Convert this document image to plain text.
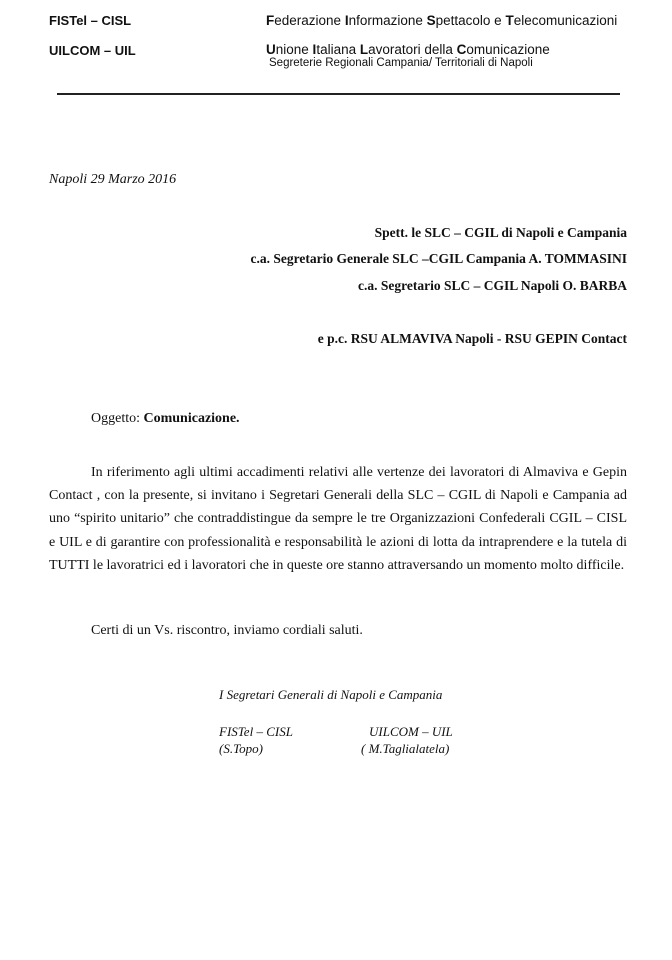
FISTel – CISL
UILCOM – UIL
Federazione Informazione Spettacolo e Telecomunicazioni
Unione Italiana Lavoratori della Comunicazione
Segreterie Regionali Campania/ Territoriali di Napoli
Napoli 29 Marzo 2016
Spett. le SLC – CGIL di Napoli e Campania
c.a. Segretario Generale SLC –CGIL Campania A. TOMMASINI
c.a. Segretario SLC – CGIL Napoli O. BARBA
e p.c. RSU ALMAVIVA Napoli - RSU GEPIN Contact
Oggetto: Comunicazione.
In riferimento agli ultimi accadimenti relativi alle vertenze dei lavoratori di Almaviva e Gepin Contact , con la presente, si invitano i Segretari Generali della SLC – CGIL di Napoli e Campania ad uno “spirito unitario” che contraddistingue da sempre le tre Organizzazioni Confederali CGIL – CISL e UIL e di garantire con professionalità e responsabilità le azioni di lotta da intraprendere e la tutela di TUTTI le lavoratrici ed i lavoratori che in queste ore stanno attraversando un momento molto difficile.
Certi di un Vs. riscontro, inviamo cordiali saluti.
I Segretari Generali di Napoli e Campania
FISTel – CISL
(S.Topo)
UILCOM – UIL
( M.Taglialatela)
